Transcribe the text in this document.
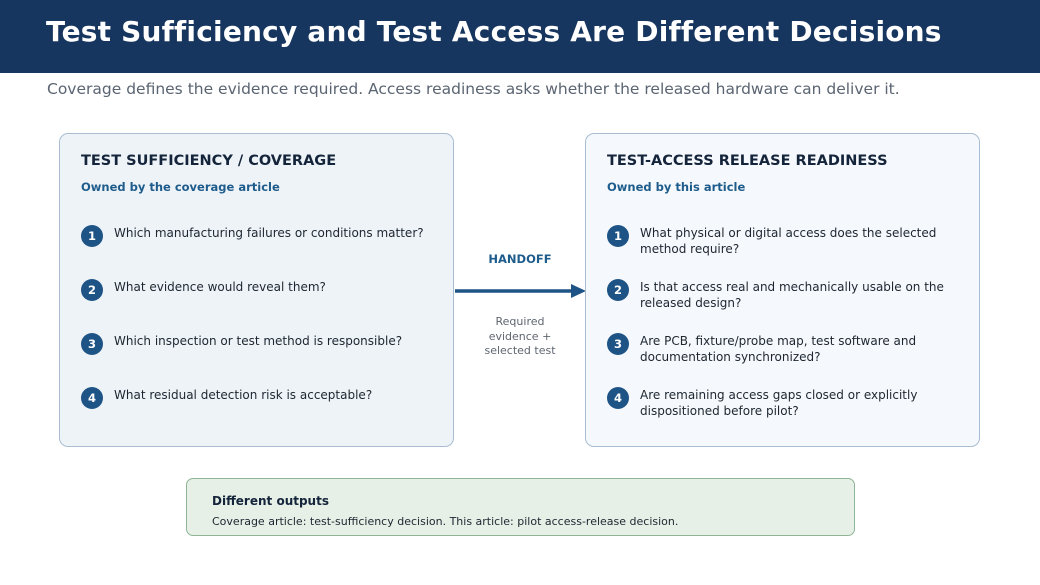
Test Sufficiency and Test Access Are Different Decisions
Coverage defines the evidence required. Access readiness asks whether the released hardware can deliver it.
TEST SUFFICIENCY / COVERAGE
Owned by the coverage article
1	Which manufacturing failures or conditions matter?
2	What evidence would reveal them?
3	Which inspection or test method is responsible?
4	What residual detection risk is acceptable?
HANDOFF
Required evidence + selected test
TEST-ACCESS RELEASE READINESS
Owned by this article
1	What physical or digital access does the selected method require?
2	Is that access real and mechanically usable on the released design?
3	Are PCB, fixture/probe map, test software and documentation synchronized?
4	Are remaining access gaps closed or explicitly dispositioned before pilot?
Different outputs
Coverage article: test-sufficiency decision. This article: pilot access-release decision.
